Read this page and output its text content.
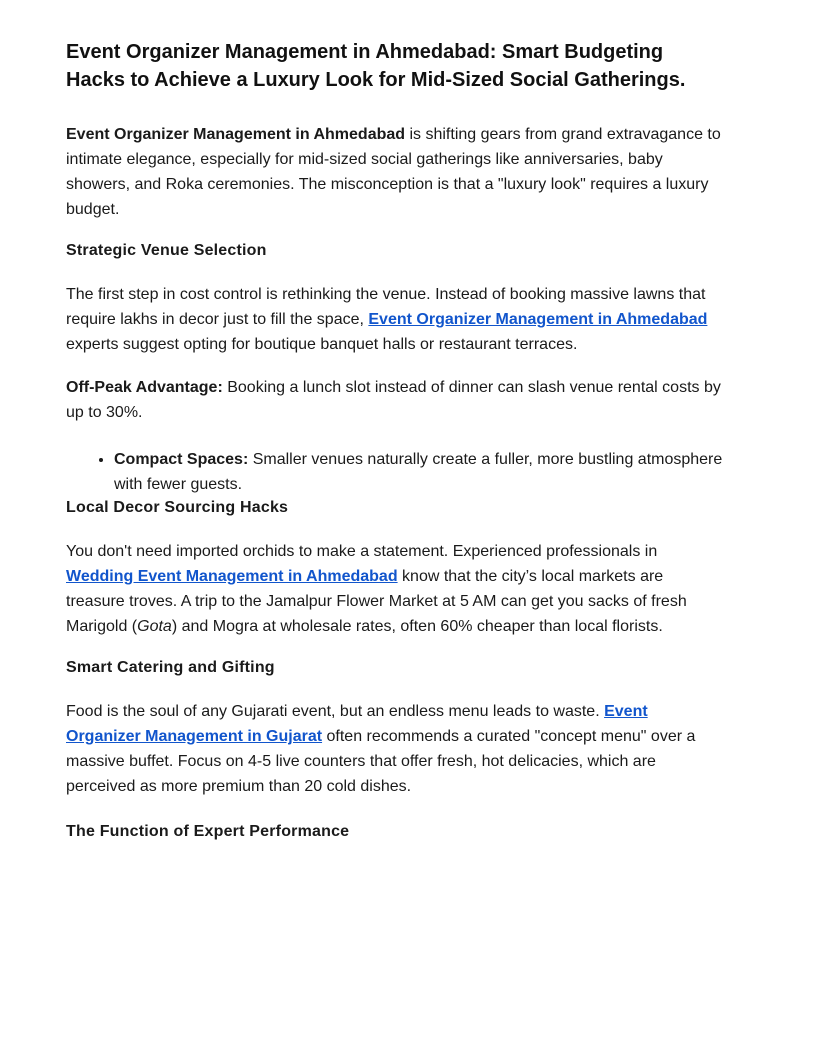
Event Organizer Management in Ahmedabad: Smart Budgeting Hacks to Achieve a Luxury Look for Mid-Sized Social Gatherings.

Event Organizer Management in Ahmedabad is shifting gears from grand extravagance to intimate elegance, especially for mid-sized social gatherings like anniversaries, baby showers, and Roka ceremonies. The misconception is that a "luxury look" requires a luxury budget.

Strategic Venue Selection

The first step in cost control is rethinking the venue. Instead of booking massive lawns that require lakhs in decor just to fill the space, Event Organizer Management in Ahmedabad experts suggest opting for boutique banquet halls or restaurant terraces.

Off-Peak Advantage: Booking a lunch slot instead of dinner can slash venue rental costs by up to 30%.

• Compact Spaces: Smaller venues naturally create a fuller, more bustling atmosphere with fewer guests.
Local Decor Sourcing Hacks

You don't need imported orchids to make a statement. Experienced professionals in Wedding Event Management in Ahmedabad know that the city’s local markets are treasure troves. A trip to the Jamalpur Flower Market at 5 AM can get you sacks of fresh Marigold (Gota) and Mogra at wholesale rates, often 60% cheaper than local florists.

Smart Catering and Gifting

Food is the soul of any Gujarati event, but an endless menu leads to waste. Event Organizer Management in Gujarat often recommends a curated "concept menu" over a massive buffet. Focus on 4-5 live counters that offer fresh, hot delicacies, which are perceived as more premium than 20 cold dishes.

The Function of Expert Performance
